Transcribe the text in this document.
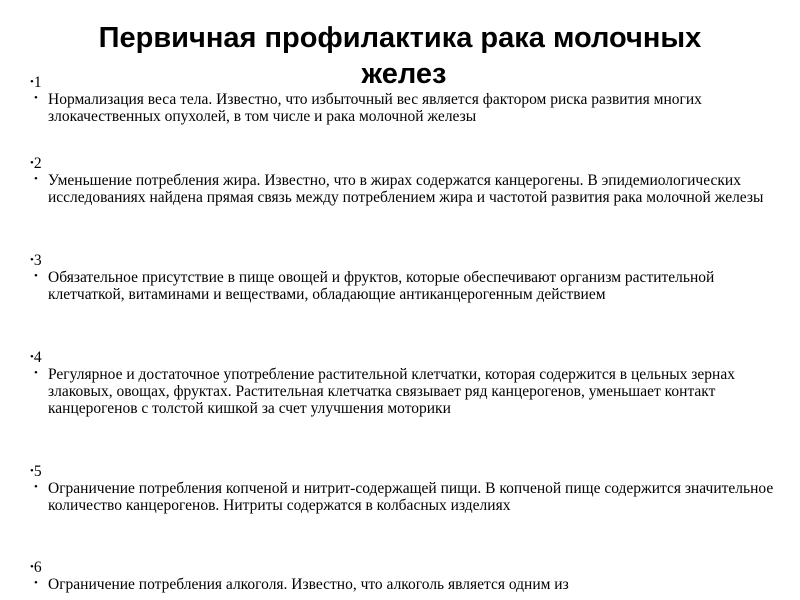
Первичная профилактика рака молочных
желез
• 1
• Нормализация веса тела. Известно, что избыточный вес является фактором риска развития многих злокачественных опухолей, в том числе и рака молочной железы
• 2
• Уменьшение потребления жира. Известно, что в жирах содержатся канцерогены. В эпидемиологических исследованиях найдена прямая связь между потреблением жира и частотой развития рака молочной железы
• 3
• Обязательное присутствие в пище овощей и фруктов, которые обеспечивают организм растительной клетчаткой, витаминами и веществами, обладающие антиканцерогенным действием
• 4
• Регулярное и достаточное употребление растительной клетчатки, которая содержится в цельных зернах злаковых, овощах, фруктах. Растительная клетчатка связывает ряд канцерогенов, уменьшает контакт канцерогенов с толстой кишкой за счет улучшения моторики
• 5
• Ограничение потребления копченой и нитрит-содержащей пищи. В копченой пище содержится значительное количество канцерогенов. Нитриты содержатся в колбасных изделиях
• 6
• Ограничение потребления алкоголя. Известно, что алкоголь является одним из
